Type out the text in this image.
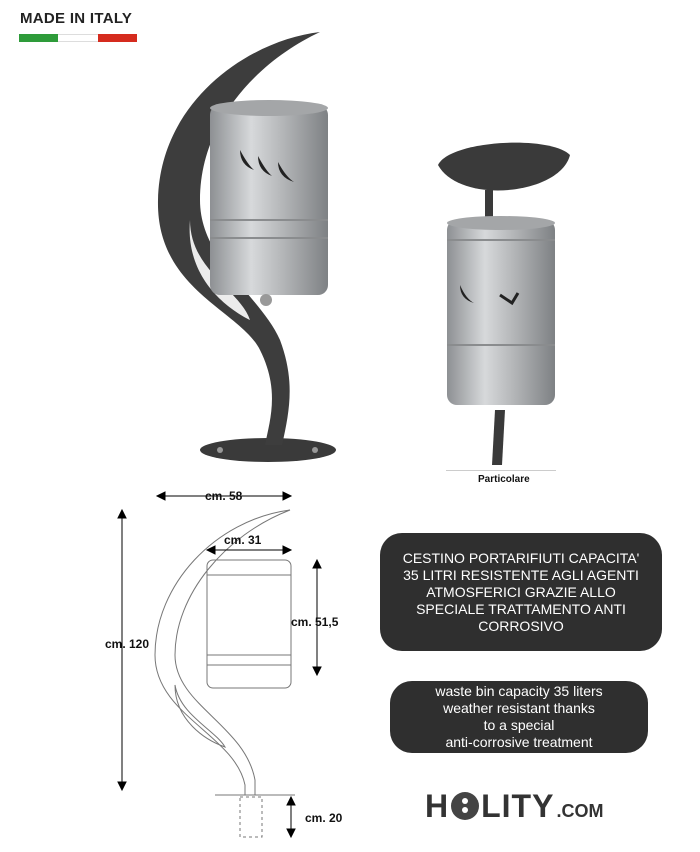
MADE IN ITALY
Particolare
cm. 58
cm. 31
cm. 51,5
cm. 120
cm. 20
CESTINO PORTARIFIUTI CAPACITA'
35 LITRI RESISTENTE AGLI AGENTI
ATMOSFERICI GRAZIE ALLO
SPECIALE TRATTAMENTO ANTI
CORROSIVO
waste bin capacity 35 liters
weather resistant thanks
to a special
anti-corrosive treatment
H LITY .COM
